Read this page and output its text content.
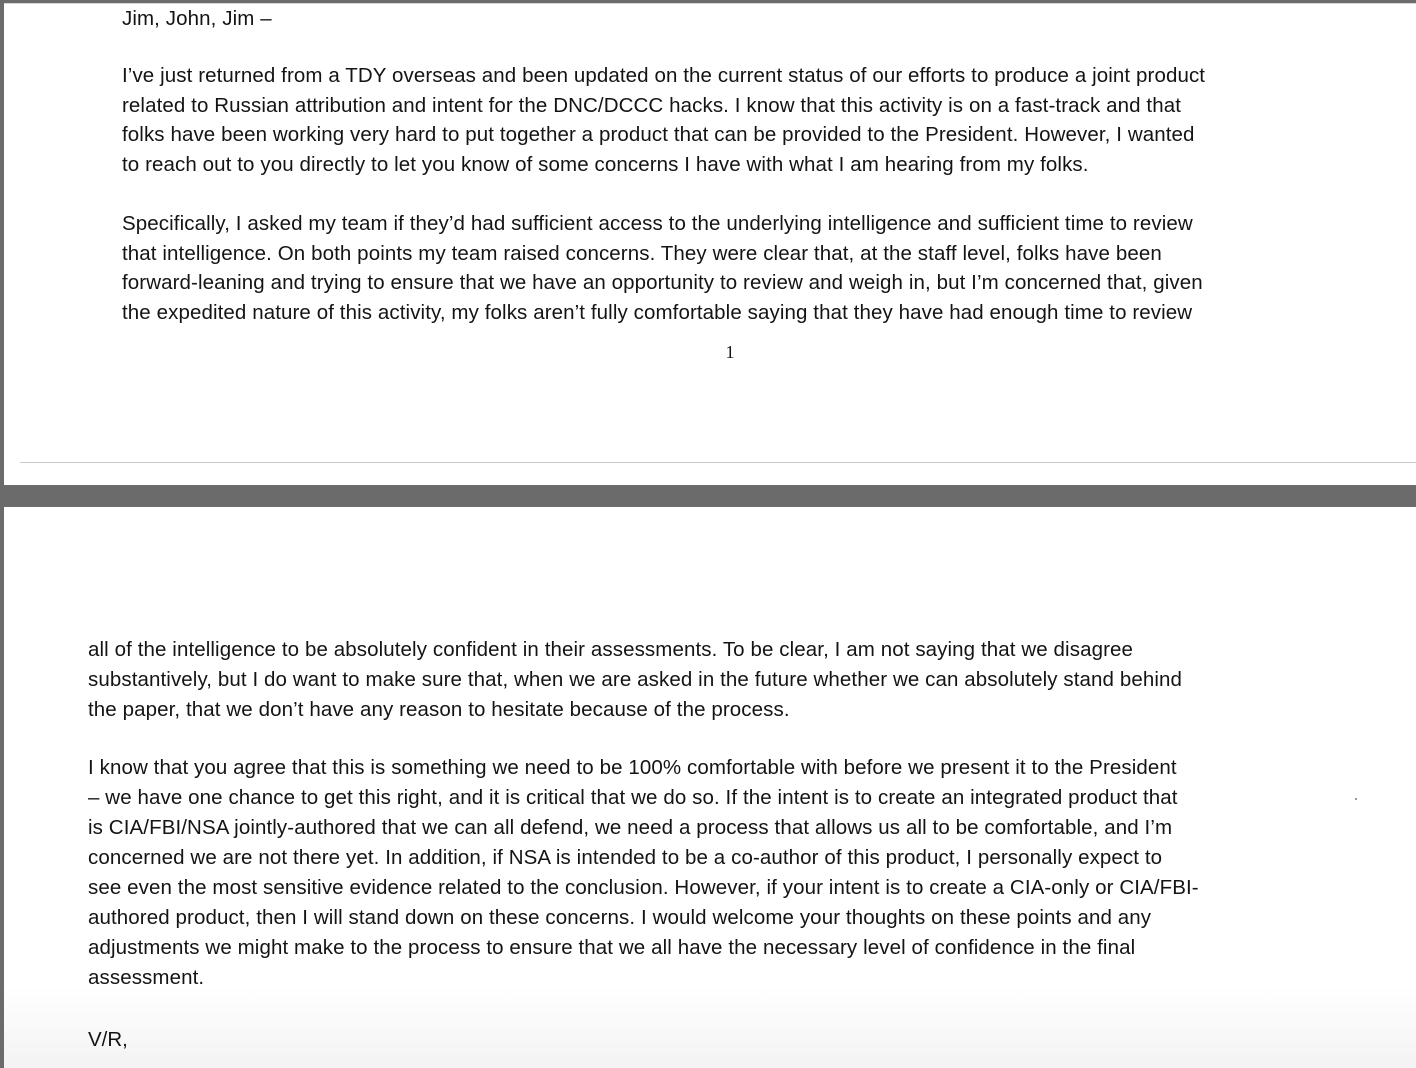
Jim, John, Jim –
I’ve just returned from a TDY overseas and been updated on the current status of our efforts to produce a joint product
related to Russian attribution and intent for the DNC/DCCC hacks. I know that this activity is on a fast-track and that
folks have been working very hard to put together a product that can be provided to the President. However, I wanted
to reach out to you directly to let you know of some concerns I have with what I am hearing from my folks.
Specifically, I asked my team if they’d had sufficient access to the underlying intelligence and sufficient time to review
that intelligence. On both points my team raised concerns. They were clear that, at the staff level, folks have been
forward-leaning and trying to ensure that we have an opportunity to review and weigh in, but I’m concerned that, given
the expedited nature of this activity, my folks aren’t fully comfortable saying that they have had enough time to review
1
all of the intelligence to be absolutely confident in their assessments. To be clear, I am not saying that we disagree
substantively, but I do want to make sure that, when we are asked in the future whether we can absolutely stand behind
the paper, that we don’t have any reason to hesitate because of the process.
I know that you agree that this is something we need to be 100% comfortable with before we present it to the President
– we have one chance to get this right, and it is critical that we do so. If the intent is to create an integrated product that
is CIA/FBI/NSA jointly-authored that we can all defend, we need a process that allows us all to be comfortable, and I’m
concerned we are not there yet. In addition, if NSA is intended to be a co-author of this product, I personally expect to
see even the most sensitive evidence related to the conclusion. However, if your intent is to create a CIA-only or CIA/FBI-
authored product, then I will stand down on these concerns. I would welcome your thoughts on these points and any
adjustments we might make to the process to ensure that we all have the necessary level of confidence in the final
assessment.
V/R,
